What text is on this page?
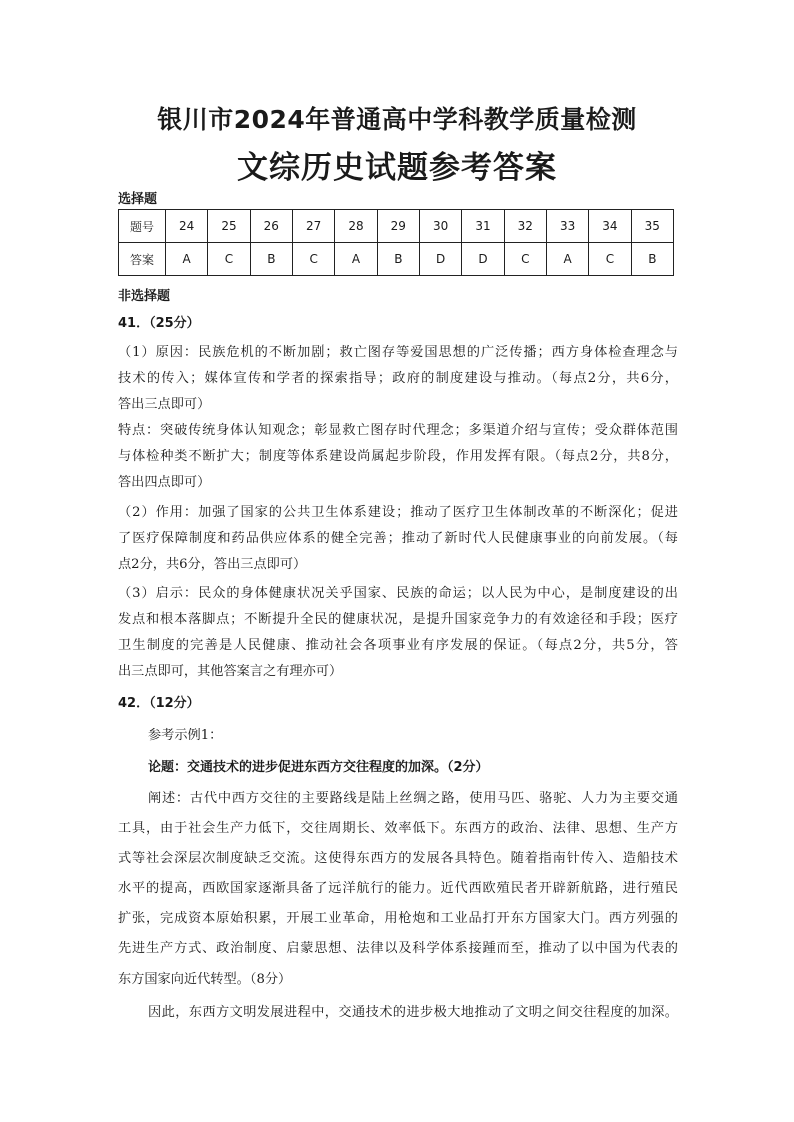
银川市2024年普通高中学科教学质量检测
文综历史试题参考答案
选择题
题号	24	25	26	27	28	29	30	31	32	33	34	35
答案	A	C	B	C	A	B	D	D	C	A	C	B
非选择题
41．（25分）
（1）原因：民族危机的不断加剧；救亡图存等爱国思想的广泛传播；西方身体检查理念与
技术的传入；媒体宣传和学者的探索指导；政府的制度建设与推动。（每点2分，共6分，
答出三点即可）
特点：突破传统身体认知观念；彰显救亡图存时代理念；多渠道介绍与宣传；受众群体范围
与体检种类不断扩大；制度等体系建设尚属起步阶段，作用发挥有限。（每点2分，共8分，
答出四点即可）
（2）作用：加强了国家的公共卫生体系建设；推动了医疗卫生体制改革的不断深化；促进
了医疗保障制度和药品供应体系的健全完善；推动了新时代人民健康事业的向前发展。（每
点2分，共6分，答出三点即可）
（3）启示：民众的身体健康状况关乎国家、民族的命运；以人民为中心，是制度建设的出
发点和根本落脚点；不断提升全民的健康状况，是提升国家竞争力的有效途径和手段；医疗
卫生制度的完善是人民健康、推动社会各项事业有序发展的保证。（每点2分，共5分，答
出三点即可，其他答案言之有理亦可）
42．（12分）
参考示例1：
论题：交通技术的进步促进东西方交往程度的加深。（2分）
阐述：古代中西方交往的主要路线是陆上丝绸之路，使用马匹、骆驼、人力为主要交通
工具，由于社会生产力低下，交往周期长、效率低下。东西方的政治、法律、思想、生产方
式等社会深层次制度缺乏交流。这使得东西方的发展各具特色。随着指南针传入、造船技术
水平的提高，西欧国家逐渐具备了远洋航行的能力。近代西欧殖民者开辟新航路，进行殖民
扩张，完成资本原始积累，开展工业革命，用枪炮和工业品打开东方国家大门。西方列强的
先进生产方式、政治制度、启蒙思想、法律以及科学体系接踵而至，推动了以中国为代表的
东方国家向近代转型。（8分）
因此，东西方文明发展进程中，交通技术的进步极大地推动了文明之间交往程度的加深。
